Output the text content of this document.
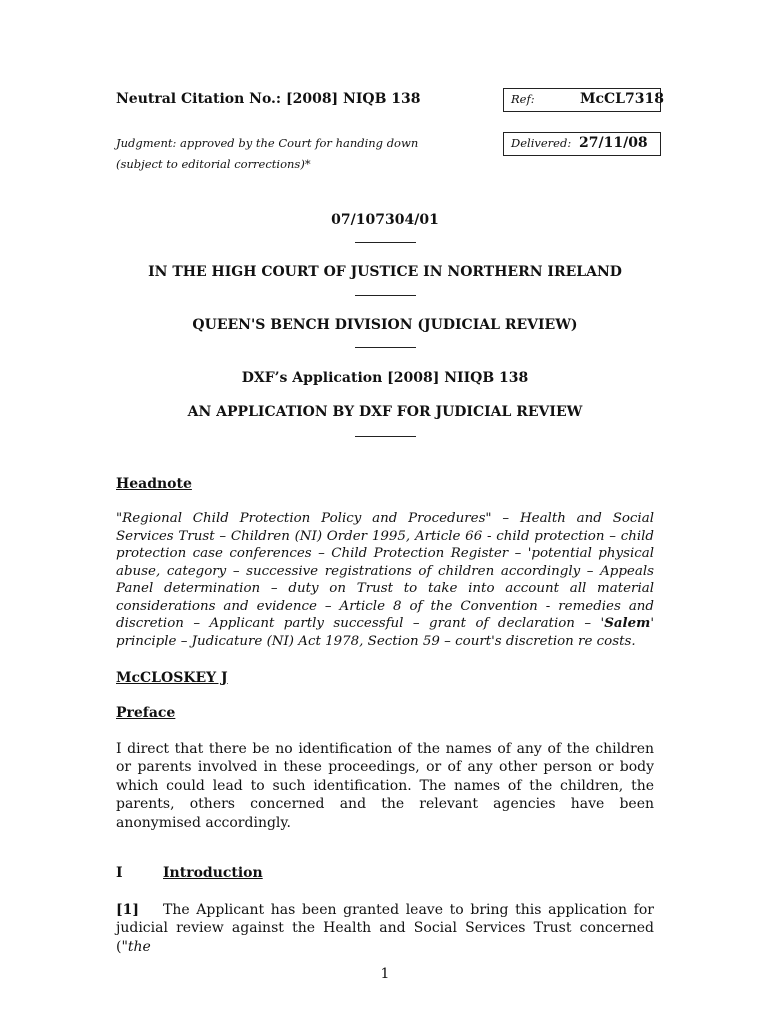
Neutral Citation No.: [2008] NIQB 138	Ref:	McCL7318
Judgment: approved by the Court for handing down
(subject to editorial corrections)*
Delivered: 27/11/08
07/107304/01
IN THE HIGH COURT OF JUSTICE IN NORTHERN IRELAND
QUEEN'S BENCH DIVISION (JUDICIAL REVIEW)
DXF’s Application [2008] NIIQB 138
AN APPLICATION BY DXF FOR JUDICIAL REVIEW
Headnote
"Regional Child Protection Policy and Procedures" – Health and Social Services Trust – Children (NI) Order 1995, Article 66 - child protection – child protection case conferences – Child Protection Register – 'potential physical abuse, category – successive registrations of children accordingly – Appeals Panel determination – duty on Trust to take into account all material considerations and evidence – Article 8 of the Convention - remedies and discretion – Applicant partly successful – grant of declaration – 'Salem' principle – Judicature (NI) Act 1978, Section 59 – court's discretion re costs.
McCLOSKEY J
Preface
I direct that there be no identification of the names of any of the children or parents involved in these proceedings, or of any other person or body which could lead to such identification. The names of the children, the parents, others concerned and the relevant agencies have been anonymised accordingly.
I	Introduction
[1] The Applicant has been granted leave to bring this application for judicial review against the Health and Social Services Trust concerned ("the
1
